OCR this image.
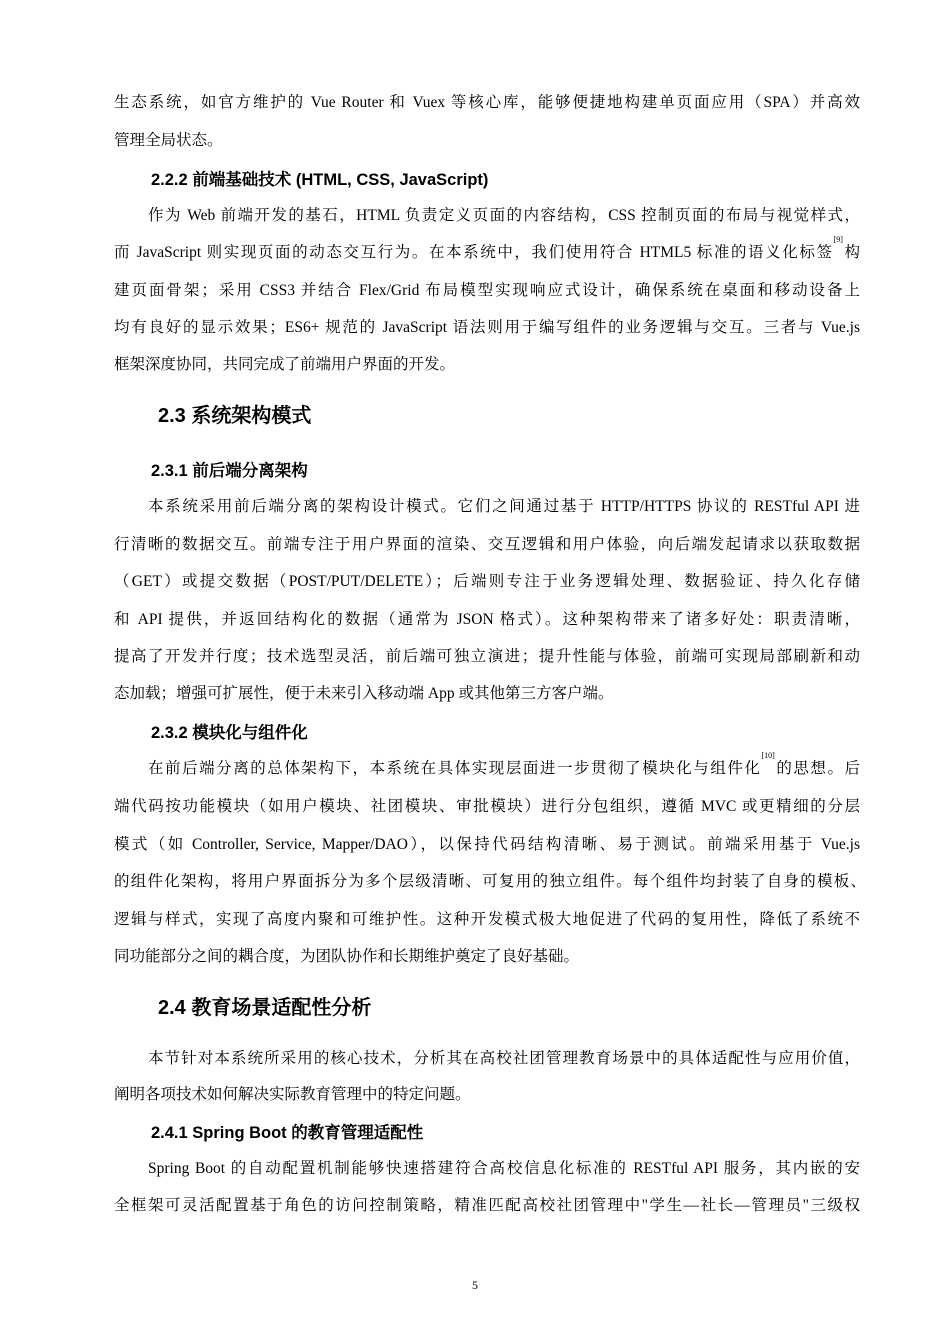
生态系统，如官方维护的 Vue Router 和 Vuex 等核心库，能够便捷地构建单页面应用（SPA）并高效
管理全局状态。
2.2.2 前端基础技术 (HTML, CSS, JavaScript)
作为 Web 前端开发的基石，HTML 负责定义页面的内容结构，CSS 控制页面的布局与视觉样式，
而 JavaScript 则实现页面的动态交互行为。在本系统中，我们使用符合 HTML5 标准的语义化标签[9]构
建页面骨架；采用 CSS3 并结合 Flex/Grid 布局模型实现响应式设计，确保系统在桌面和移动设备上
均有良好的显示效果；ES6+ 规范的 JavaScript 语法则用于编写组件的业务逻辑与交互。三者与 Vue.js
框架深度协同，共同完成了前端用户界面的开发。
2.3 系统架构模式
2.3.1 前后端分离架构
本系统采用前后端分离的架构设计模式。它们之间通过基于 HTTP/HTTPS 协议的 RESTful API 进
行清晰的数据交互。前端专注于用户界面的渲染、交互逻辑和用户体验，向后端发起请求以获取数据
（GET）或提交数据（POST/PUT/DELETE）；后端则专注于业务逻辑处理、数据验证、持久化存储
和 API 提供，并返回结构化的数据（通常为 JSON 格式）。这种架构带来了诸多好处：职责清晰，
提高了开发并行度；技术选型灵活，前后端可独立演进；提升性能与体验，前端可实现局部刷新和动
态加载；增强可扩展性，便于未来引入移动端 App 或其他第三方客户端。
2.3.2 模块化与组件化
在前后端分离的总体架构下，本系统在具体实现层面进一步贯彻了模块化与组件化[10]的思想。后
端代码按功能模块（如用户模块、社团模块、审批模块）进行分包组织，遵循 MVC 或更精细的分层
模式（如 Controller, Service, Mapper/DAO），以保持代码结构清晰、易于测试。前端采用基于 Vue.js
的组件化架构，将用户界面拆分为多个层级清晰、可复用的独立组件。每个组件均封装了自身的模板、
逻辑与样式，实现了高度内聚和可维护性。这种开发模式极大地促进了代码的复用性，降低了系统不
同功能部分之间的耦合度，为团队协作和长期维护奠定了良好基础。
2.4 教育场景适配性分析
本节针对本系统所采用的核心技术，分析其在高校社团管理教育场景中的具体适配性与应用价值，
阐明各项技术如何解决实际教育管理中的特定问题。
2.4.1 Spring Boot 的教育管理适配性
Spring Boot 的自动配置机制能够快速搭建符合高校信息化标准的 RESTful API 服务，其内嵌的安
全框架可灵活配置基于角色的访问控制策略，精准匹配高校社团管理中"学生—社长—管理员"三级权
5
